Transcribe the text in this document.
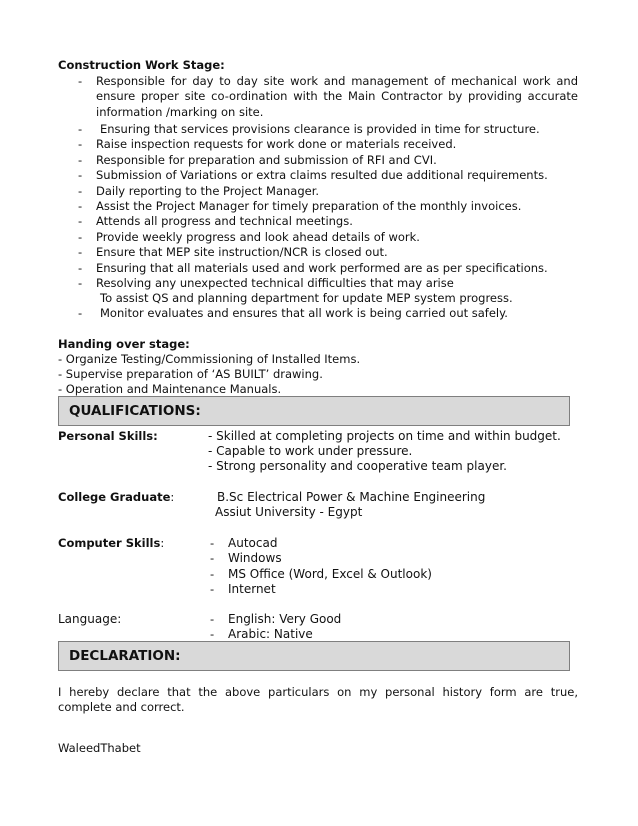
Construction Work Stage:
- Responsible for day to day site work and management of mechanical work and ensure proper site co-ordination with the Main Contractor by providing accurate information /marking on site.
- Ensuring that services provisions clearance is provided in time for structure.
- Raise inspection requests for work done or materials received.
- Responsible for preparation and submission of RFI and CVI.
- Submission of Variations or extra claims resulted due additional requirements.
- Daily reporting to the Project Manager.
- Assist the Project Manager for timely preparation of the monthly invoices.
- Attends all progress and technical meetings.
- Provide weekly progress and look ahead details of work.
- Ensure that MEP site instruction/NCR is closed out.
- Ensuring that all materials used and work performed are as per specifications.
- Resolving any unexpected technical difficulties that may arise
To assist QS and planning department for update MEP system progress.
- Monitor evaluates and ensures that all work is being carried out safely.
Handing over stage:
- Organize Testing/Commissioning of Installed Items.
- Supervise preparation of ‘AS BUILT’ drawing.
- Operation and Maintenance Manuals.
QUALIFICATIONS:
Personal Skills:	- Skilled at completing projects on time and within budget.
- Capable to work under pressure.
- Strong personality and cooperative team player.
College Graduate:	B.Sc Electrical Power & Machine Engineering
Assiut University - Egypt
Computer Skills:	- Autocad
- Windows
- MS Office (Word, Excel & Outlook)
- Internet
Language:	- English: Very Good
- Arabic: Native
DECLARATION:
I hereby declare that the above particulars on my personal history form are true, complete and correct.
WaleedThabet
